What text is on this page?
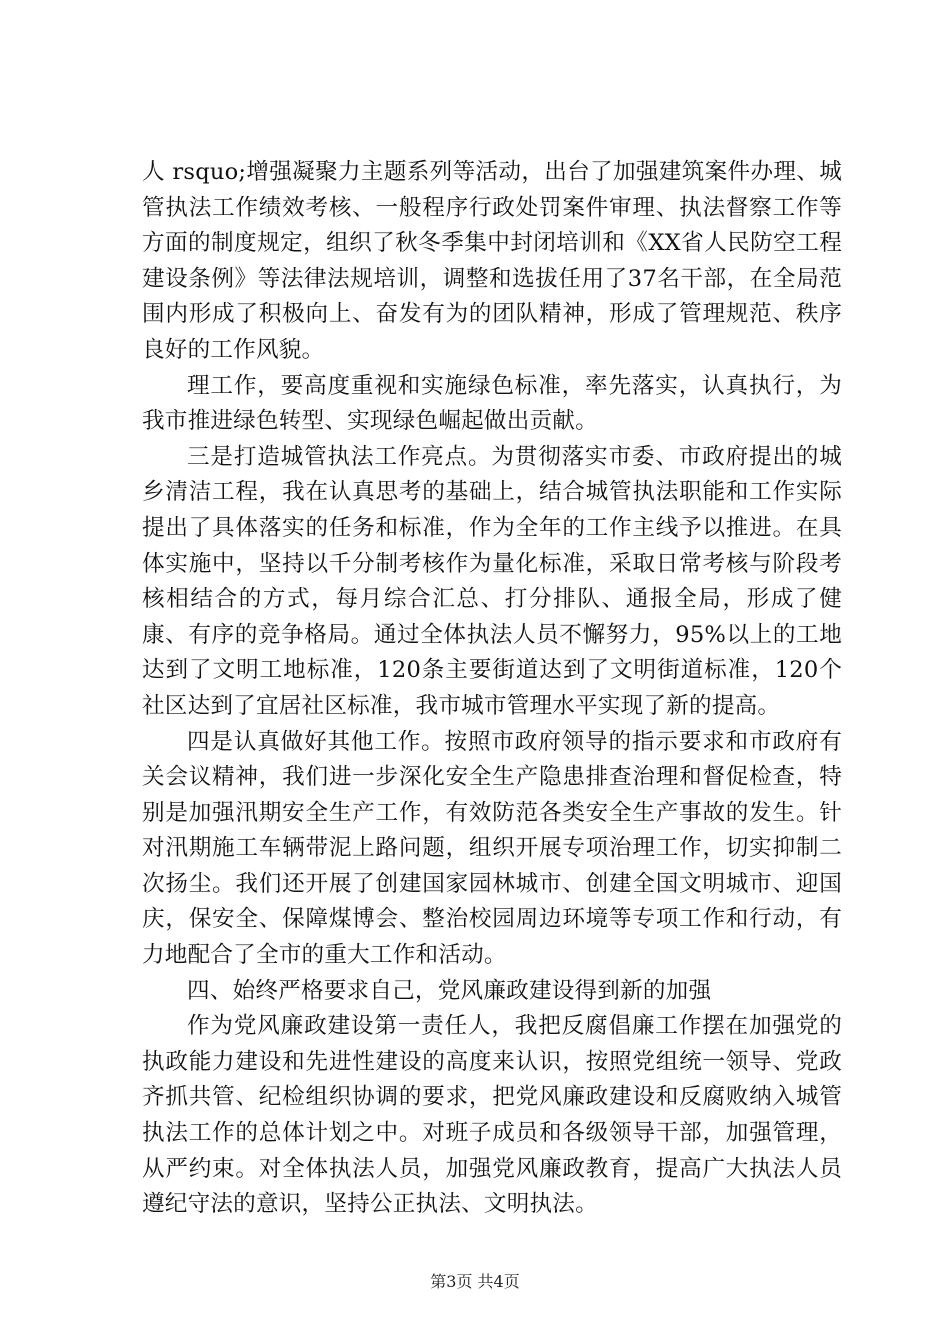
人 rsquo;增强凝聚力主题系列等活动，出台了加强建筑案件办理、城管执法工作绩效考核、一般程序行政处罚案件审理、执法督察工作等方面的制度规定，组织了秋冬季集中封闭培训和《XX省人民防空工程建设条例》等法律法规培训，调整和选拔任用了37名干部，在全局范围内形成了积极向上、奋发有为的团队精神，形成了管理规范、秩序良好的工作风貌。

理工作，要高度重视和实施绿色标准，率先落实，认真执行，为我市推进绿色转型、实现绿色崛起做出贡献。

三是打造城管执法工作亮点。为贯彻落实市委、市政府提出的城乡清洁工程，我在认真思考的基础上，结合城管执法职能和工作实际提出了具体落实的任务和标准，作为全年的工作主线予以推进。在具体实施中，坚持以千分制考核作为量化标准，采取日常考核与阶段考核相结合的方式，每月综合汇总、打分排队、通报全局，形成了健康、有序的竞争格局。通过全体执法人员不懈努力，95%以上的工地达到了文明工地标准，120条主要街道达到了文明街道标准，120个社区达到了宜居社区标准，我市城市管理水平实现了新的提高。

四是认真做好其他工作。按照市政府领导的指示要求和市政府有关会议精神，我们进一步深化安全生产隐患排查治理和督促检查，特别是加强汛期安全生产工作，有效防范各类安全生产事故的发生。针对汛期施工车辆带泥上路问题，组织开展专项治理工作，切实抑制二次扬尘。我们还开展了创建国家园林城市、创建全国文明城市、迎国庆，保安全、保障煤博会、整治校园周边环境等专项工作和行动，有力地配合了全市的重大工作和活动。

四、始终严格要求自己，党风廉政建设得到新的加强

作为党风廉政建设第一责任人，我把反腐倡廉工作摆在加强党的执政能力建设和先进性建设的高度来认识，按照党组统一领导、党政齐抓共管、纪检组织协调的要求，把党风廉政建设和反腐败纳入城管执法工作的总体计划之中。对班子成员和各级领导干部，加强管理，从严约束。对全体执法人员，加强党风廉政教育，提高广大执法人员遵纪守法的意识，坚持公正执法、文明执法。

第3页 共4页
